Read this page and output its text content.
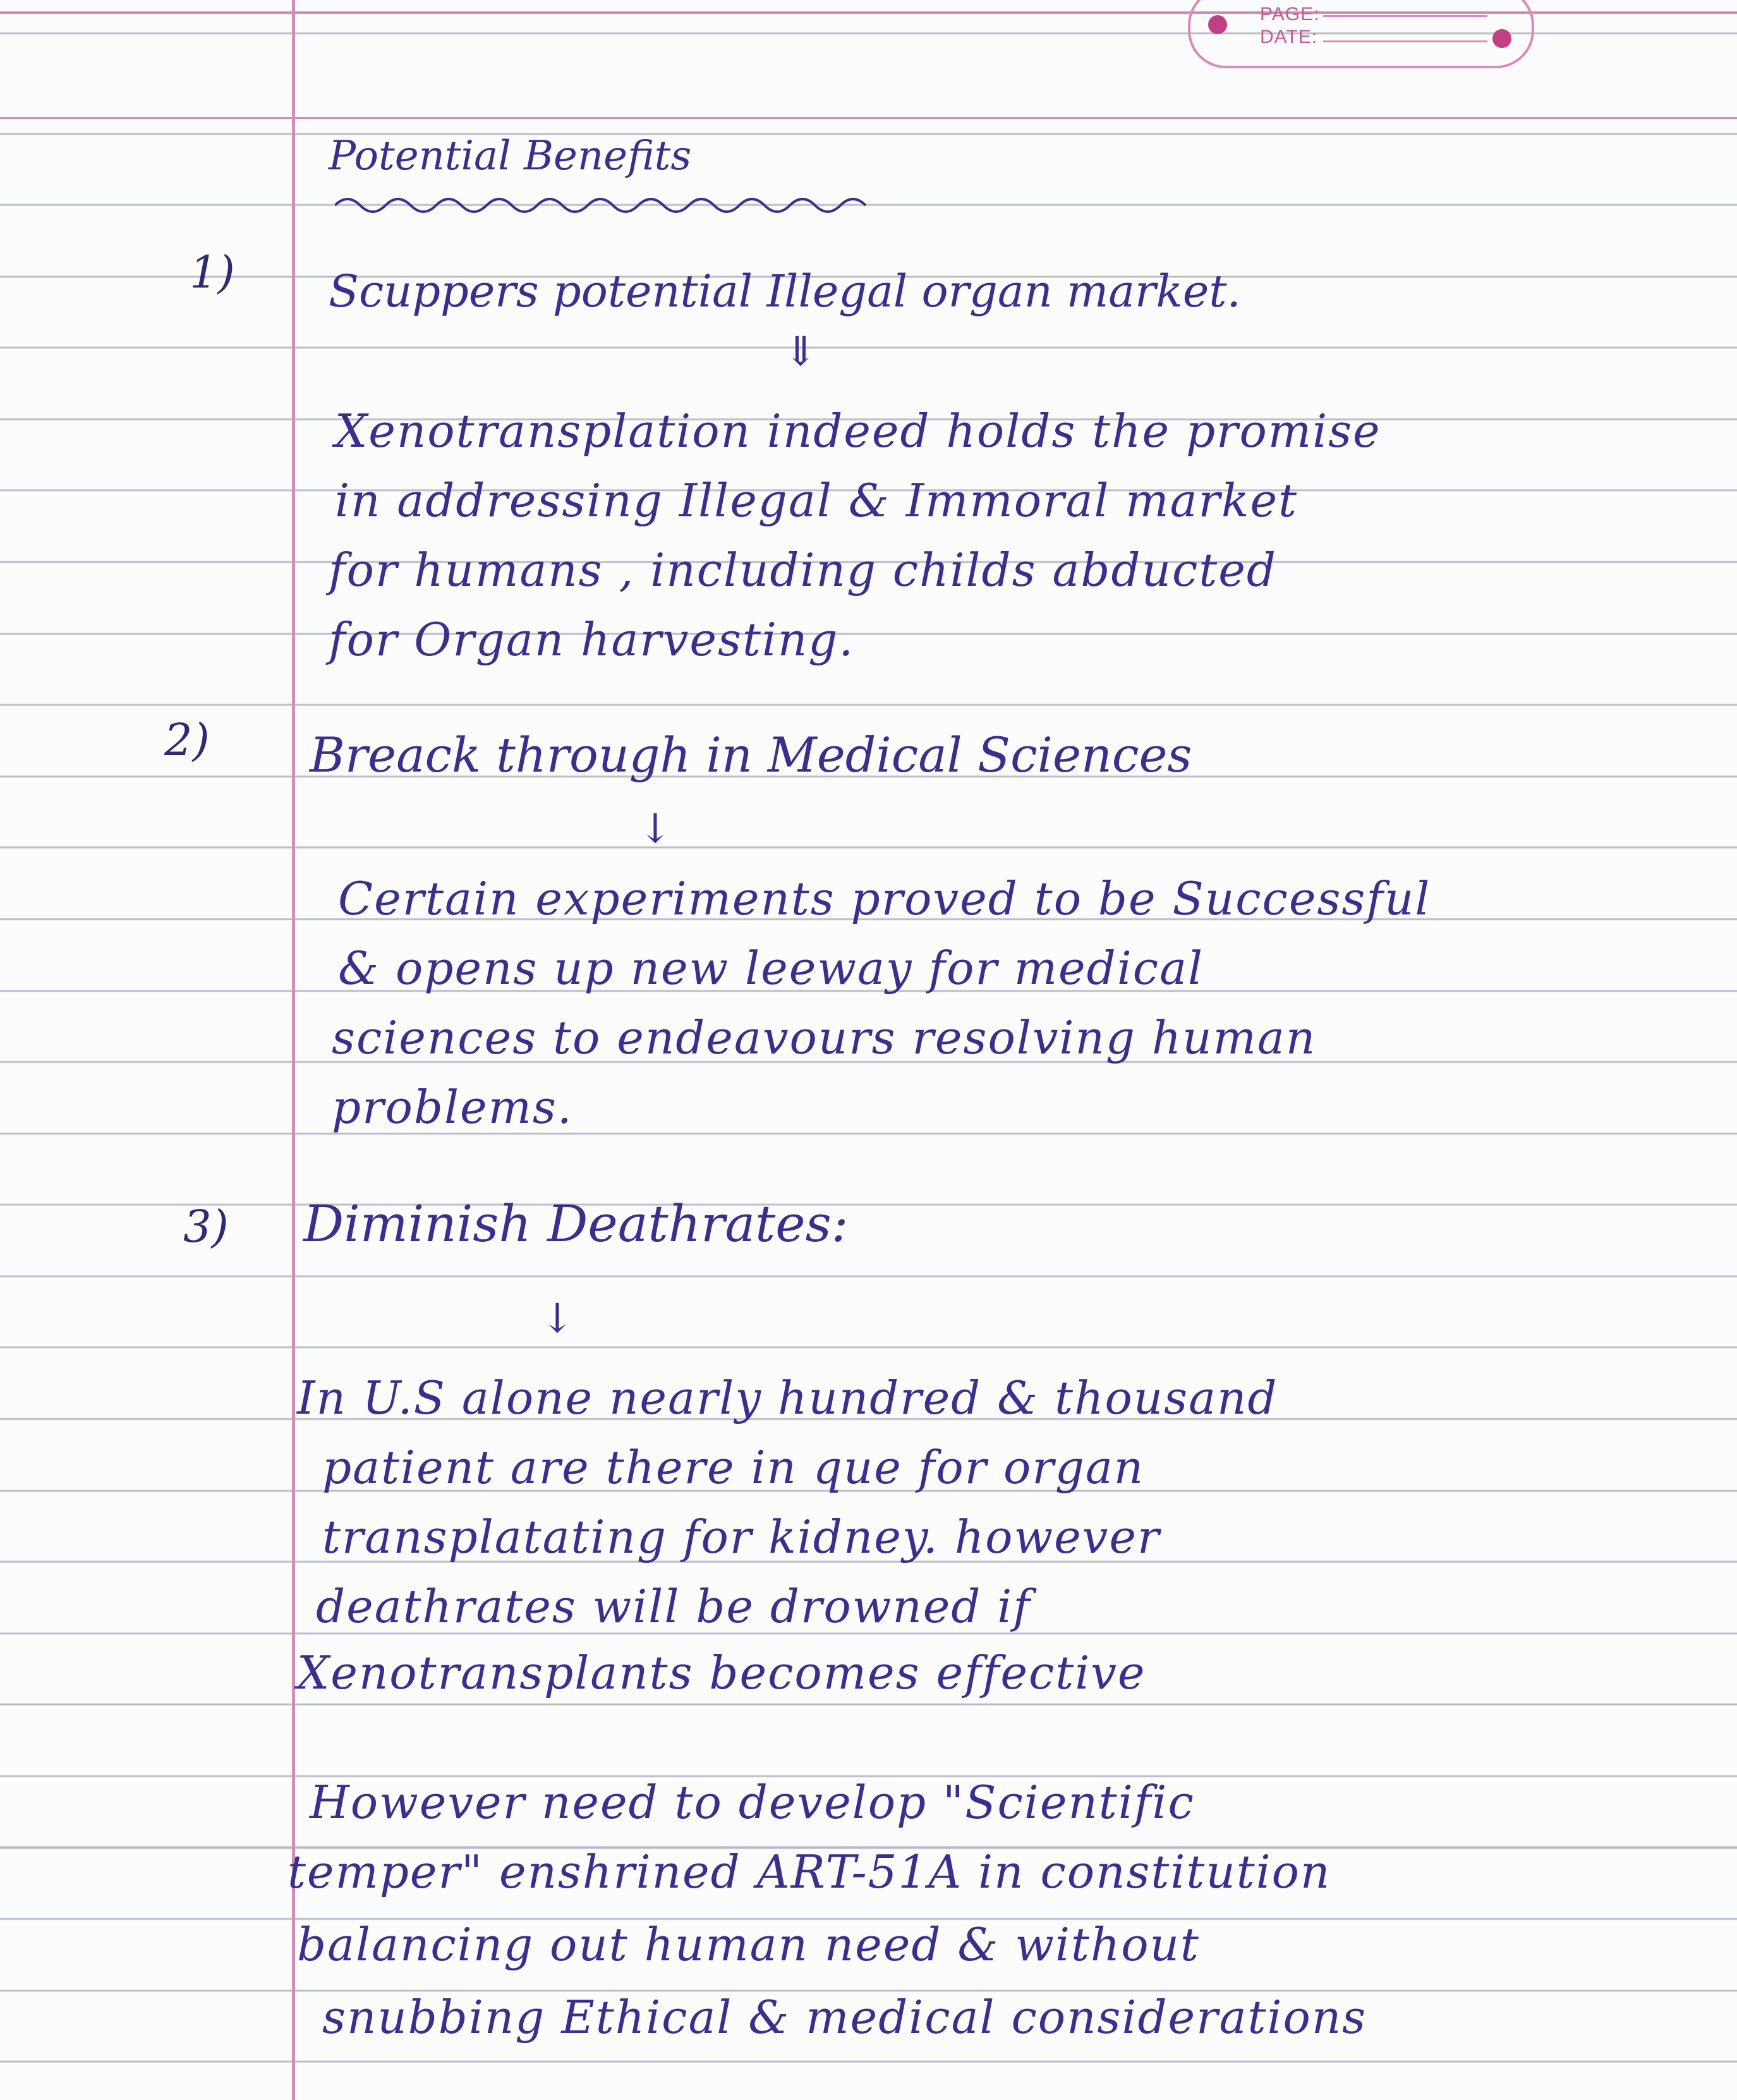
PAGE:
DATE:
Potential Benefits
1) Scuppers potential Illegal organ market.
⇓
Xenotransplation indeed holds the promise
in addressing Illegal & Immoral market
for humans , including childs abducted
for Organ harvesting.
2) Breack through in Medical Sciences
↓
Certain experiments proved to be Successful
& opens up new leeway for medical
sciences to endeavours resolving human
problems.
3) Diminish Deathrates:
↓
In U.S alone nearly hundred & thousand
patient are there in que for organ
transplatating for kidney. however
deathrates will be drowned if
Xenotransplants becomes effective
However need to develop "Scientific
temper" enshrined ART-51A in constitution
balancing out human need & without
snubbing Ethical & medical considerations
